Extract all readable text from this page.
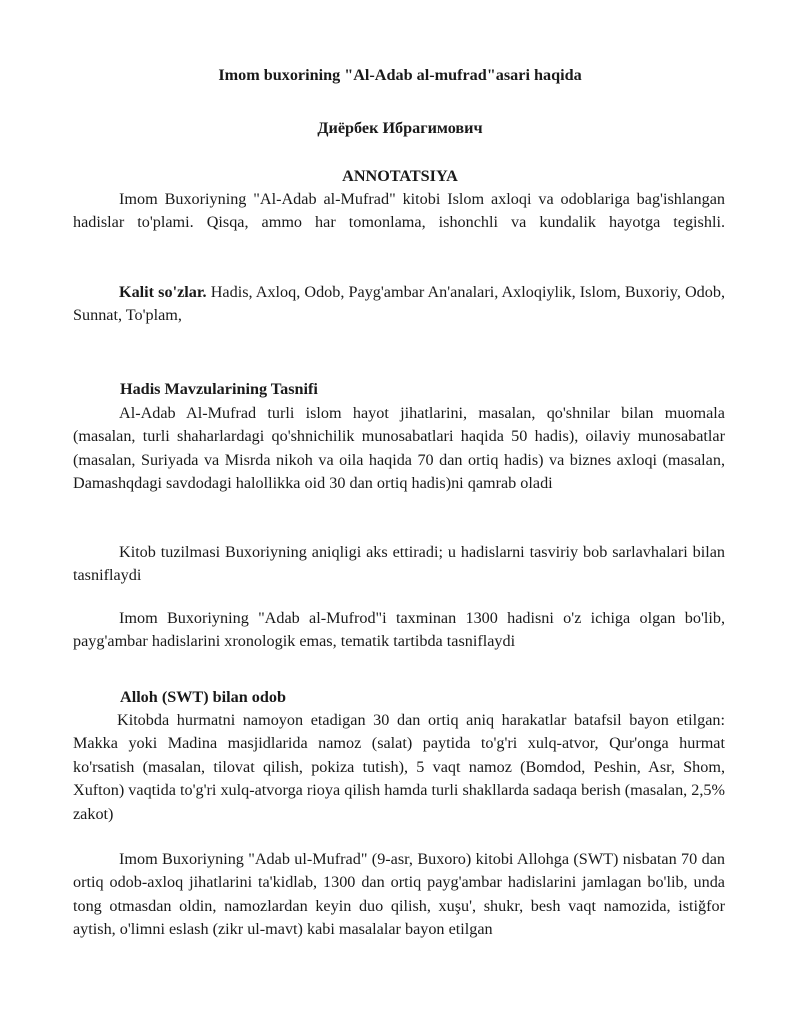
Imom buxorining "Al-Adab al-mufrad"asari haqida
Диёрбек Ибрагимович
ANNOTATSIYA
Imom Buxoriyning "Al-Adab al-Mufrad" kitobi Islom axloqi va odoblariga bag'ishlangan hadislar to'plami. Qisqa, ammo har tomonlama, ishonchli va kundalik hayotga tegishli.
Kalit so'zlar. Hadis, Axloq, Odob, Payg'ambar An'analari, Axloqiylik, Islom, Buxoriy, Odob, Sunnat, To'plam,
Hadis Mavzularining Tasnifi
Al-Adab Al-Mufrad turli islom hayot jihatlarini, masalan, qo'shnilar bilan muomala (masalan, turli shaharlardagi qo'shnichilik munosabatlari haqida 50 hadis), oilaviy munosabatlar (masalan, Suriyada va Misrda nikoh va oila haqida 70 dan ortiq hadis) va biznes axloqi (masalan, Damashqdagi savdodagi halollikka oid 30 dan ortiq hadis)ni qamrab oladi
Kitob tuzilmasi Buxoriyning aniqligi aks ettiradi; u hadislarni tasviriy bob sarlavhalari bilan tasniflaydi
Imom Buxoriyning "Adab al-Mufrod"i taxminan 1300 hadisni o'z ichiga olgan bo'lib, payg'ambar hadislarini xronologik emas, tematik tartibda tasniflaydi
Alloh (SWT) bilan odob
Kitobda hurmatni namoyon etadigan 30 dan ortiq aniq harakatlar batafsil bayon etilgan: Makka yoki Madina masjidlarida namoz (salat) paytida to'g'ri xulq-atvor, Qur'onga hurmat ko'rsatish (masalan, tilovat qilish, pokiza tutish), 5 vaqt namoz (Bomdod, Peshin, Asr, Shom, Xufton) vaqtida to'g'ri xulq-atvorga rioya qilish hamda turli shakllarda sadaqa berish (masalan, 2,5% zakot)
Imom Buxoriyning "Adab ul-Mufrad" (9-asr, Buxoro) kitobi Allohga (SWT) nisbatan 70 dan ortiq odob-axloq jihatlarini ta'kidlab, 1300 dan ortiq payg'ambar hadislarini jamlagan bo'lib, unda tong otmasdan oldin, namozlardan keyin duo qilish, xuşu', shukr, besh vaqt namozida, istiğfor aytish, o'limni eslash (zikr ul-mavt) kabi masalalar bayon etilgan
